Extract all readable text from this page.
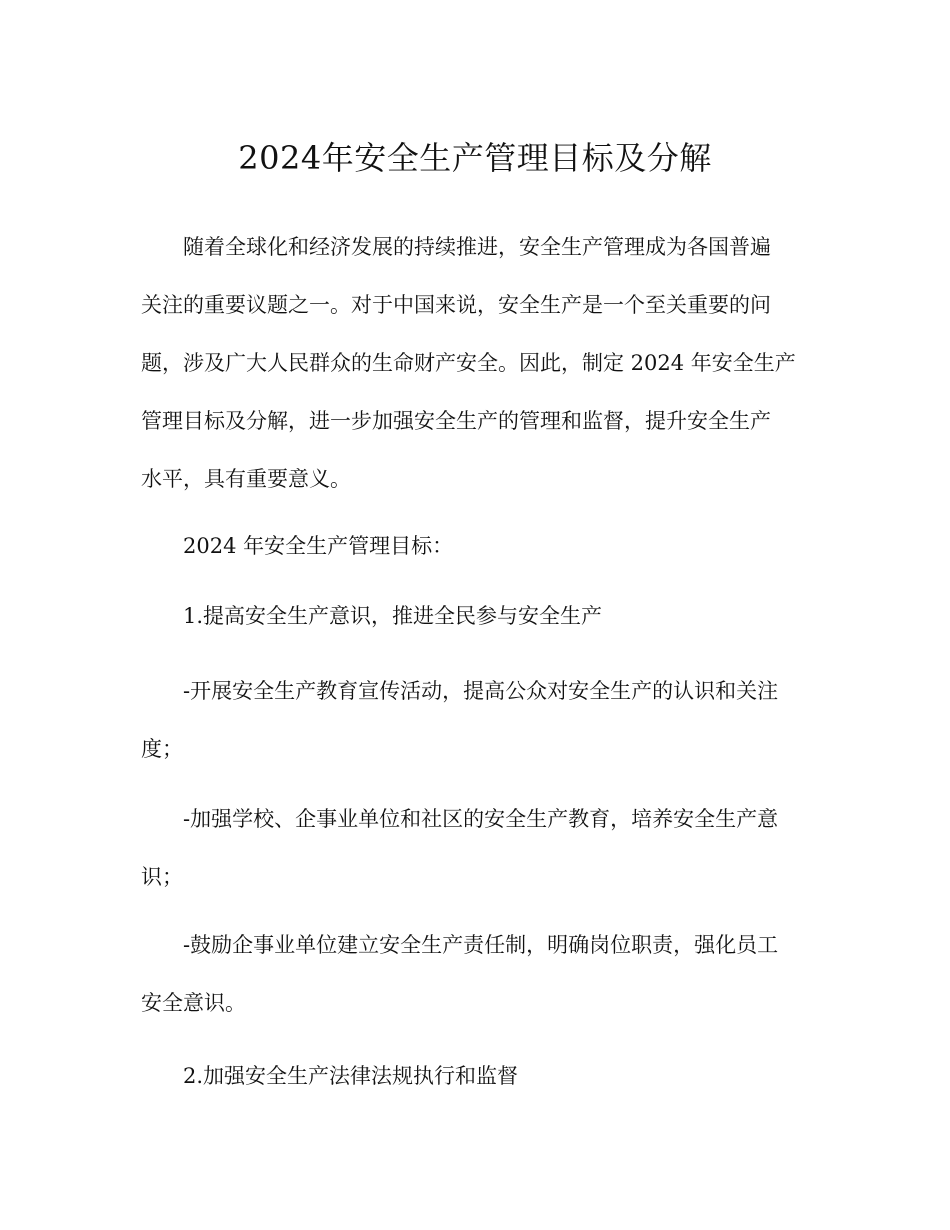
2024年安全生产管理目标及分解
随着全球化和经济发展的持续推进，安全生产管理成为各国普遍
关注的重要议题之一。对于中国来说，安全生产是一个至关重要的问
题，涉及广大人民群众的生命财产安全。因此，制定 2024 年安全生产
管理目标及分解，进一步加强安全生产的管理和监督，提升安全生产
水平，具有重要意义。
2024 年安全生产管理目标：
1.提高安全生产意识，推进全民参与安全生产
-开展安全生产教育宣传活动，提高公众对安全生产的认识和关注
度；
-加强学校、企事业单位和社区的安全生产教育，培养安全生产意
识；
-鼓励企事业单位建立安全生产责任制，明确岗位职责，强化员工
安全意识。
2.加强安全生产法律法规执行和监督
